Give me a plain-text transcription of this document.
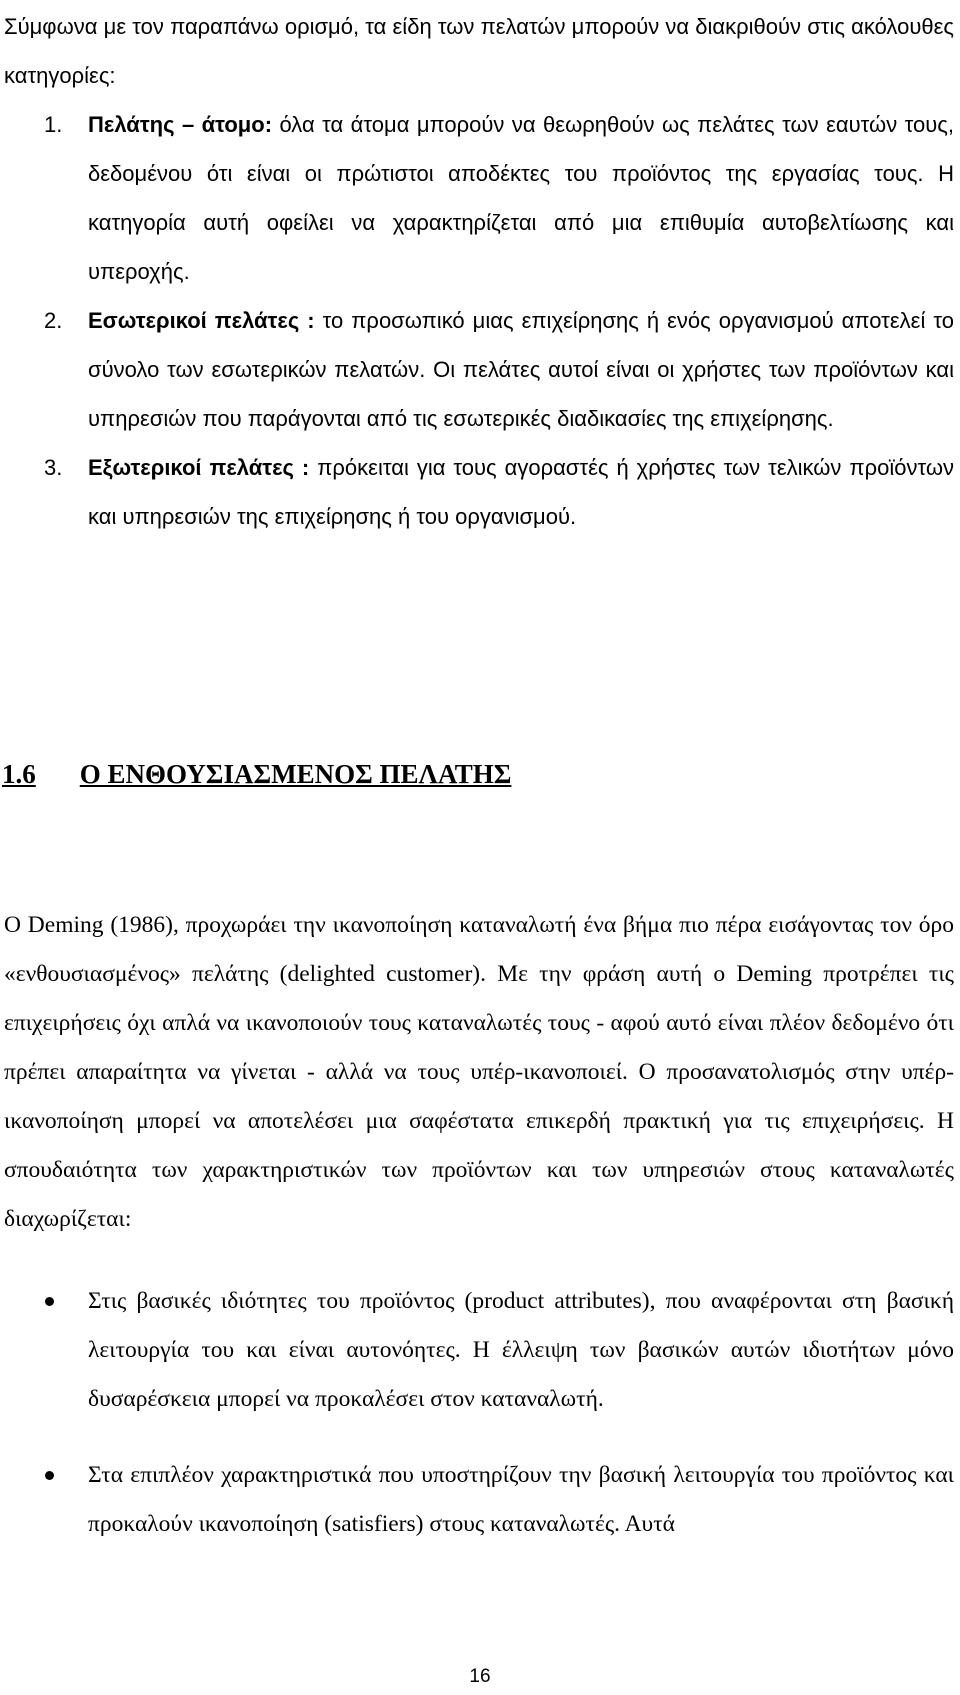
Σύμφωνα με τον παραπάνω ορισμό, τα είδη των πελατών μπορούν να διακριθούν στις ακόλουθες κατηγορίες:

1. Πελάτης – άτομο: όλα τα άτομα μπορούν να θεωρηθούν ως πελάτες των εαυτών τους, δεδομένου ότι είναι οι πρώτιστοι αποδέκτες του προϊόντος της εργασίας τους. Η κατηγορία αυτή οφείλει να χαρακτηρίζεται από μια επιθυμία αυτοβελτίωσης και υπεροχής.
2. Εσωτερικοί πελάτες : το προσωπικό μιας επιχείρησης ή ενός οργανισμού αποτελεί το σύνολο των εσωτερικών πελατών. Οι πελάτες αυτοί είναι οι χρήστες των προϊόντων και υπηρεσιών που παράγονται από τις εσωτερικές διαδικασίες της επιχείρησης.
3. Εξωτερικοί πελάτες : πρόκειται για τους αγοραστές ή χρήστες των τελικών προϊόντων και υπηρεσιών της επιχείρησης ή του οργανισμού.
1.6 Ο ΕΝΘΟΥΣΙΑΣΜΕΝΟΣ ΠΕΛΑΤΗΣ

Ο Deming (1986), προχωράει την ικανοποίηση καταναλωτή ένα βήμα πιο πέρα εισάγοντας τον όρο «ενθουσιασμένος» πελάτης (delighted customer). Με την φράση αυτή ο Deming προτρέπει τις επιχειρήσεις όχι απλά να ικανοποιούν τους καταναλωτές τους - αφού αυτό είναι πλέον δεδομένο ότι πρέπει απαραίτητα να γίνεται - αλλά να τους υπέρ-ικανοποιεί. Ο προσανατολισμός στην υπέρ-ικανοποίηση μπορεί να αποτελέσει μια σαφέστατα επικερδή πρακτική για τις επιχειρήσεις. Η σπουδαιότητα των χαρακτηριστικών των προϊόντων και των υπηρεσιών στους καταναλωτές διαχωρίζεται:

Στις βασικές ιδιότητες του προϊόντος (product attributes), που αναφέρονται στη βασική λειτουργία του και είναι αυτονόητες. Η έλλειψη των βασικών αυτών ιδιοτήτων μόνο δυσαρέσκεια μπορεί να προκαλέσει στον καταναλωτή.
Στα επιπλέον χαρακτηριστικά που υποστηρίζουν την βασική λειτουργία του προϊόντος και προκαλούν ικανοποίηση (satisfiers) στους καταναλωτές. Αυτά
16
